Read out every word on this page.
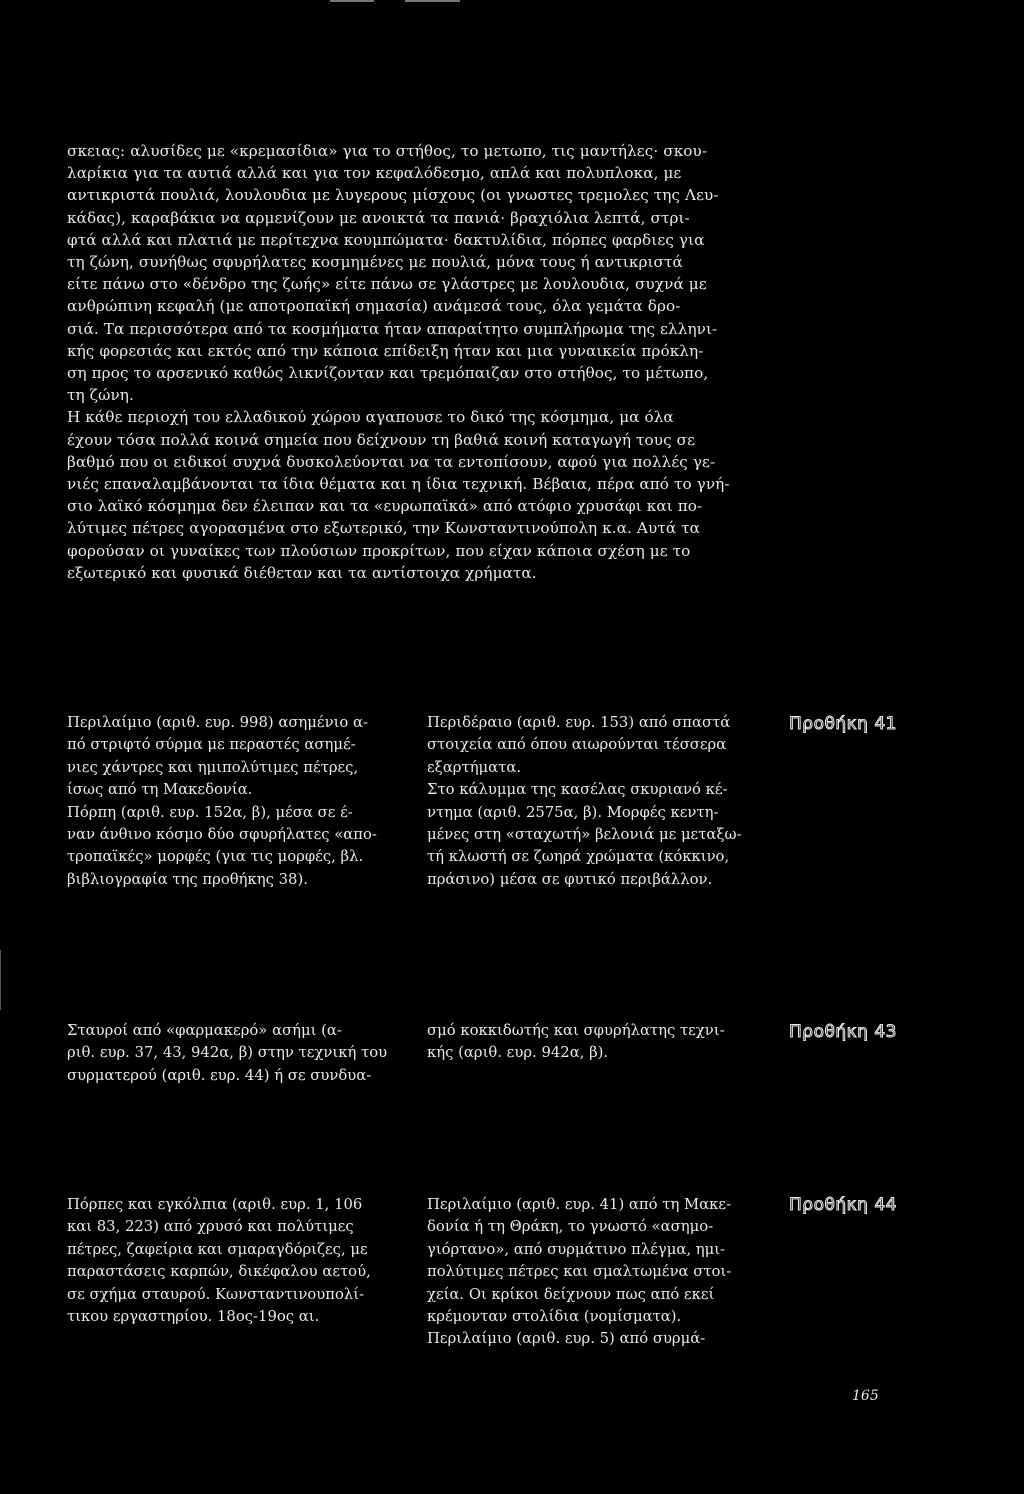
σκειας: αλυσίδες με «κρεμασίδια» για το στήθος, το μετωπο, τις μαντήλες· σκου-
λαρίκια για τα αυτιά αλλά και για τον κεφαλόδεσμο, απλά και πολυπλοκα, με
αντικριστά πουλιά, λουλουδια με λυγερους μίσχους (οι γνωστες τρεμολες της Λευ-
κάδας), καραβάκια να αρμενίζουν με ανοικτά τα πανιά· βραχιόλια λεπτά, στρι-
φτά αλλά και πλατιά με περίτεχνα κουμπώματα· δακτυλίδια, πόρπες φαρδιες για
τη ζώνη, συνήθως σφυρήλατες κοσμημένες με πουλιά, μόνα τους ή αντικριστά
είτε πάνω στο «δένδρο της ζωής» είτε πάνω σε γλάστρες με λουλουδια, συχνά με
ανθρώπινη κεφαλή (με αποτροπαϊκή σημασία) ανάμεσά τους, όλα γεμάτα δρο-
σιά. Τα περισσότερα από τα κοσμήματα ήταν απαραίτητο συμπλήρωμα της ελληνι-
κής φορεσιάς και εκτός από την κάποια επίδειξη ήταν και μια γυναικεία πρόκλη-
ση προς το αρσενικό καθώς λικνίζονταν και τρεμόπαιζαν στο στήθος, το μέτωπο,
τη ζώνη.
Η κάθε περιοχή του ελλαδικού χώρου αγαπουσε το δικό της κόσμημα, μα όλα
έχουν τόσα πολλά κοινά σημεία που δείχνουν τη βαθιά κοινή καταγωγή τους σε
βαθμό που οι ειδικοί συχνά δυσκολεύονται να τα εντοπίσουν, αφού για πολλές γε-
νιές επαναλαμβάνονται τα ίδια θέματα και η ίδια τεχνική. Βέβαια, πέρα από το γνή-
σιο λαϊκό κόσμημα δεν έλειπαν και τα «ευρωπαϊκά» από ατόφιο χρυσάφι και πο-
λύτιμες πέτρες αγορασμένα στο εξωτερικό, την Κωνσταντινούπολη κ.α. Αυτά τα
φορούσαν οι γυναίκες των πλούσιων προκρίτων, που είχαν κάποια σχέση με το
εξωτερικό και φυσικά διέθεταν και τα αντίστοιχα χρήματα.

Περιλαίμιο (αριθ. ευρ. 998) ασημένιο α-
πό στριφτό σύρμα με περαστές ασημέ-
νιες χάντρες και ημιπολύτιμες πέτρες,
ίσως από τη Μακεδονία.
Πόρπη (αριθ. ευρ. 152α, β), μέσα σε έ-
ναν άνθινο κόσμο δύο σφυρήλατες «απο-
τροπαϊκές» μορφές (για τις μορφές, βλ.
βιβλιογραφία της προθήκης 38).
Περιδέραιο (αριθ. ευρ. 153) από σπαστά
στοιχεία από όπου αιωρούνται τέσσερα
εξαρτήματα.
Στο κάλυμμα της κασέλας σκυριανό κέ-
ντημα (αριθ. 2575α, β). Μορφές κεντη-
μένες στη «σταχωτή» βελονιά με μεταξω-
τή κλωστή σε ζωηρά χρώματα (κόκκινο,
πράσινο) μέσα σε φυτικό περιβάλλον.
Προθήκη 41
Σταυροί από «φαρμακερό» ασήμι (α-
ριθ. ευρ. 37, 43, 942α, β) στην τεχνική του
συρματερού (αριθ. ευρ. 44) ή σε συνδυα-
σμό κοκκιδωτής και σφυρήλατης τεχνι-
κής (αριθ. ευρ. 942α, β).
Προθήκη 43
Πόρπες και εγκόλπια (αριθ. ευρ. 1, 106
και 83, 223) από χρυσό και πολύτιμες
πέτρες, ζαφείρια και σμαραγδόριζες, με
παραστάσεις καρπών, δικέφαλου αετού,
σε σχήμα σταυρού. Κωνσταντινουπολί-
τικου εργαστηρίου. 18ος-19ος αι.
Περιλαίμιο (αριθ. ευρ. 41) από τη Μακε-
δονία ή τη Θράκη, το γνωστό «ασημο-
γιόρτανο», από συρμάτινο πλέγμα, ημι-
πολύτιμες πέτρες και σμαλτωμένα στοι-
χεία. Οι κρίκοι δείχνουν πως από εκεί
κρέμονταν στολίδια (νομίσματα).
Περιλαίμιο (αριθ. ευρ. 5) από συρμά-
Προθήκη 44
165
